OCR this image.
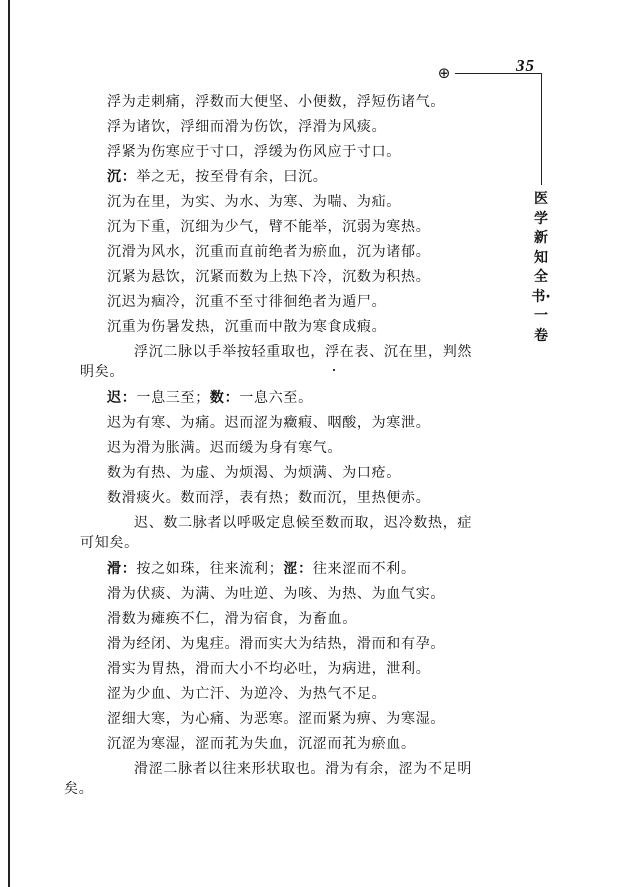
⊕	35
医学新知全书·一卷
浮为走刺痛，浮数而大便坚、小便数，浮短伤诸气。
浮为诸饮，浮细而滑为伤饮，浮滑为风痰。
浮紧为伤寒应于寸口，浮缓为伤风应于寸口。
沉：举之无，按至骨有余，曰沉。
沉为在里，为实、为水、为寒、为喘、为疝。
沉为下重，沉细为少气，臂不能举，沉弱为寒热。
沉滑为风水，沉重而直前绝者为瘀血，沉为诸郁。
沉紧为悬饮，沉紧而数为上热下冷，沉数为积热。
沉迟为痼冷，沉重不至寸徘徊绝者为遁尸。
沉重为伤暑发热，沉重而中散为寒食成瘕。
浮沉二脉以手举按轻重取也，浮在表、沉在里，判然
明矣。
迟：一息三至；数：一息六至。
迟为有寒、为痛。迟而涩为癥瘕、咽酸，为寒泄。
迟为滑为胀满。迟而缓为身有寒气。
数为有热、为虚、为烦渴、为烦满、为口疮。
数滑痰火。数而浮，表有热；数而沉，里热便赤。
迟、数二脉者以呼吸定息候至数而取，迟冷数热，症
可知矣。
滑：按之如珠，往来流利；涩：往来涩而不利。
滑为伏痰、为满、为吐逆、为咳、为热、为血气实。
滑数为瘫痪不仁，滑为宿食，为畜血。
滑为经闭、为鬼疰。滑而实大为结热，滑而和有孕。
滑实为胃热，滑而大小不均必吐，为病进，泄利。
涩为少血、为亡汗、为逆冷、为热气不足。
涩细大寒，为心痛、为恶寒。涩而紧为痹、为寒湿。
沉涩为寒湿，涩而芤为失血，沉涩而芤为瘀血。
滑涩二脉者以往来形状取也。滑为有余，涩为不足明
矣。
